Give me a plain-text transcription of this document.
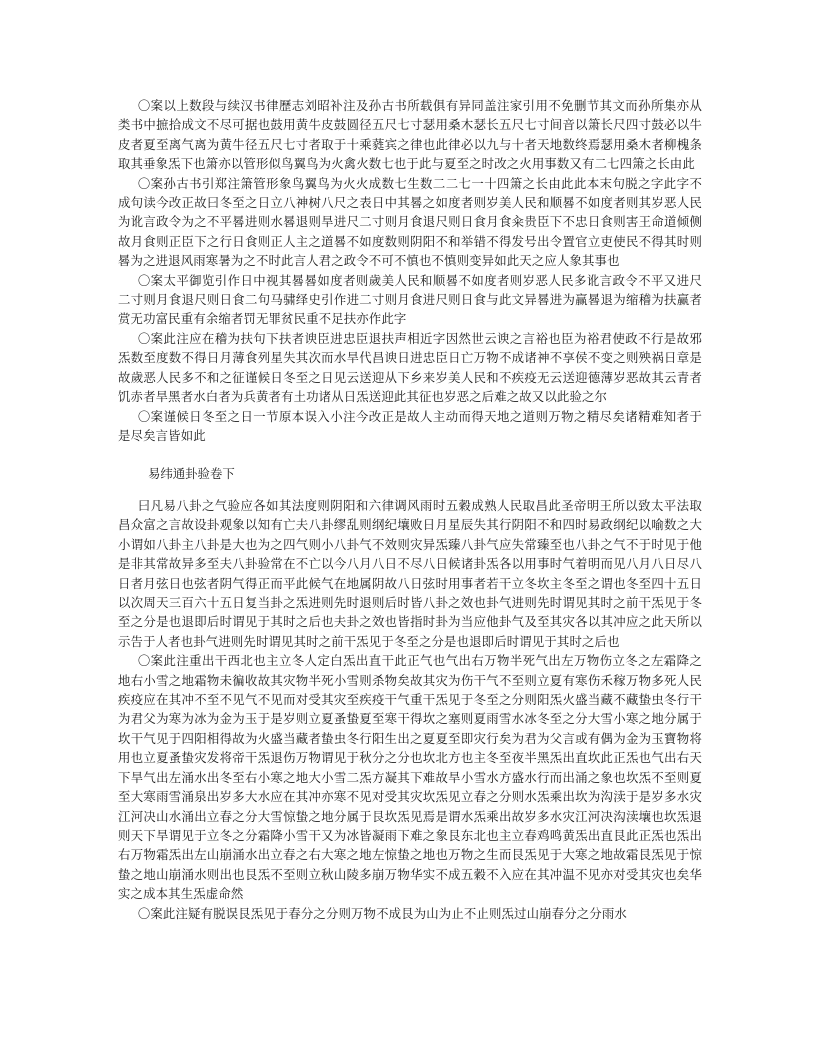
〇案以上数段与续汉书律歷志刘昭补注及孙古书所载俱有异同盖注家引用不免删节其文而孙所集亦从类书中摭拾成文不尽可据也鼓用黄牛皮鼓圆径五尺七寸瑟用桑木瑟长五尺七寸间音以箫长尺四寸鼓必以牛皮者夏至离气离为黄牛径五尺七寸者取于十乘蕤宾之律也此律必以九与十者天地数终焉瑟用桑木者柳槐条取其垂象炁下也箫亦以管形似鸟翼鸟为火禽火数七也于此与夏至之时改之火用事数又有二七四箫之长由此

〇案孙古书引郑注箫管形象鸟翼鸟为火火成数七生数二二七一十四箫之长由此此本末句脱之字此字不成句读今改正故曰冬至之日立八神树八尺之表日中其晷之如度者则岁美人民和顺晷不如度者则其岁恶人民为讹言政令为之不平晷进则水晷退则旱进尺二寸则月食退尺则日食月食籴贵臣下不忠日食则害王命道倾侧故月食则正臣下之行日食则正人主之道晷不如度数则阴阳不和举错不得发号出令置官立吏使民不得其时则晷为之进退风雨寒暑为之不时此言人君之政令不可不慎也不慎则变异如此天之应人象其事也

〇案太平御览引作日中视其晷晷如度者则歲美人民和顺晷不如度者则岁恶人民多讹言政令不平又进尺二寸则月食退尺则日食二句马骕绎史引作进二寸则月食进尺则日食与此文异晷进为赢晷退为缩稽为扶赢者赏无功富民重有余缩者罚无罪贫民重不足扶亦作此字

〇案此注应在稽为扶句下扶者谀臣进忠臣退扶声相近字因然世云谀之言裕也臣为裕君使政不行是故邪炁数至度数不得日月薄食列星失其次而水旱代昌谀日进忠臣日亡万物不成诸神不享侯不变之则殃祸日章是故歲恶人民多不和之征谨候日冬至之日见云送迎从下乡来岁美人民和不疾疫无云送迎德薄岁恶故其云青者饥赤者旱黑者水白者为兵黄者有土功诸从日炁送迎此其征也岁恶之后难之故又以此验之尔

〇案谨候日冬至之日一节原本误入小注今改正是故人主动而得天地之道则万物之精尽矣诸精难知者于是尽矣言皆如此

易纬通卦验卷下

曰凡易八卦之气验应各如其法度则阴阳和六律调风雨时五穀成熟人民取昌此圣帝明王所以致太平法取昌众富之言故设卦观象以知有亡夫八卦缪乱则纲纪壤败日月星辰失其行阴阳不和四时易政纲纪以喻数之大小谓如八卦主八卦是大也为之四气则小八卦气不效则灾异炁臻八卦气应失常臻至也八卦之气不于时见于他是非其常故异多至夫八卦验常在不亡以今八月八日不尽八日候诸卦炁各以用事时气着明而见八月八日尽八日者月弦日也弦者阴气得正而平此候气在地属阴故八日弦时用事者若干立冬坎主冬至之谓也冬至四十五日以次周天三百六十五日复当卦之炁进则先时退则后时皆八卦之效也卦气进则先时谓见其时之前干炁见于冬至之分是也退即后时谓见于其时之后也夫卦之效也皆指时卦为当应他卦气及至其灾各以其冲应之此天所以示告于人者也卦气进则先时谓见其时之前干炁见于冬至之分是也退即后时谓见于其时之后也

〇案此注重出干西北也主立冬人定白炁出直干此正气也气出右万物半死气出左万物伤立冬之左霜降之地右小雪之地霜物未徧收故其灾物半死小雪则杀物矣故其灾为伤干气不至则立夏有寒伤禾稼万物多死人民疾疫应在其冲不至不见气不见而对受其灾至疾疫干气重干炁见于冬至之分则阳炁火盛当藏不藏蛰虫冬行干为君父为寒为冰为金为玉于是岁则立夏蚤蛰夏至寒干得坎之塞则夏雨雪水冰冬至之分大雪小寒之地分属于坎干气见于四阳相得故为火盛当藏者蛰虫冬行阳生出之夏夏至即灾行矣为君为父言或有偶为金为玉寶物将用也立夏蚤蛰灾发将帝干炁退伤万物谓见于秋分之分也坎北方也主冬至夜半黑炁出直坎此正炁也气出右天下旱气出左涌水出冬至右小寒之地大小雪二炁方凝其下难故旱小雪水方盛水行而出涌之象也坎炁不至则夏至大寒雨雪涌泉出岁多大水应在其冲亦寒不见对受其灾坎炁见立春之分则水炁乘出坎为沟渎于是岁多水灾江河决山水涌出立春之分大雪惊蛰之地分属于艮坎炁见焉是谓水炁乘出故岁多水灾江河决沟渎壤也坎炁退则天下旱谓见于立冬之分霜降小雪干又为冰皆凝雨下难之象艮东北也主立春鸡鸣黄炁出直艮此正炁也炁出右万物霜炁出左山崩涌水出立春之右大寒之地左惊蛰之地也万物之生而艮炁见于大寒之地故霜艮炁见于惊蛰之地山崩涌水则出也艮炁不至则立秋山陵多崩万物华实不成五穀不入应在其冲温不见亦对受其灾也矣华实之成本其生炁虚命然

〇案此注疑有脱误艮炁见于春分之分则万物不成艮为山为止不止则炁过山崩春分之分雨水
